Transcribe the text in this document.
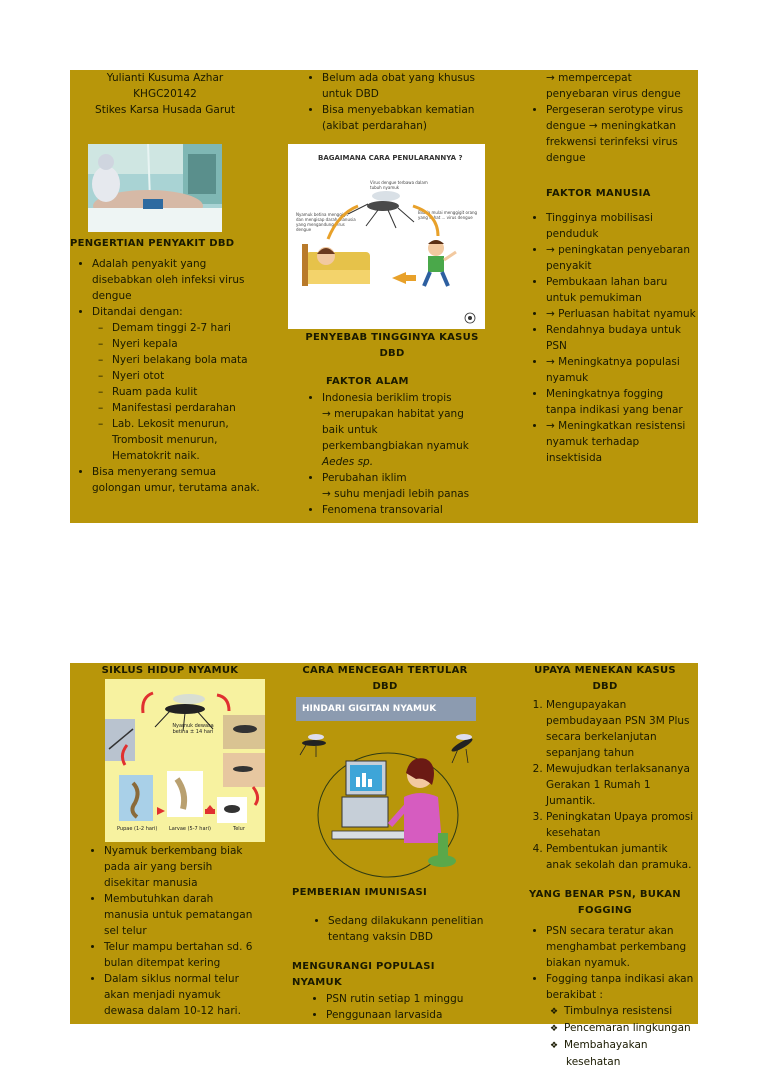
Yulianti Kusuma Azhar
KHGC20142
Stikes Karsa Husada Garut
PENGERTIAN PENYAKIT DBD
• Adalah penyakit yang disebabkan oleh infeksi virus dengue
• Ditandai dengan:
– Demam tinggi 2-7 hari
– Nyeri kepala
– Nyeri belakang bola mata
– Nyeri otot
– Ruam pada kulit
– Manifestasi perdarahan
– Lab. Lekosit menurun, Trombosit menurun, Hematokrit naik.
• Bisa menyerang semua golongan umur, terutama anak.
• Belum ada obat yang khusus untuk DBD
• Bisa menyebabkan kematian (akibat perdarahan)
BAGAIMANA CARA PENULARANNYA ?
Virus dengue terbawa dalam tubuh nyamuk
Nyamuk betina menggigit dan mengisap darah manusia yang mengandung virus dengue
Bila ia mulai menggigit orang yang sehat ... virus dengue
PENYEBAB TINGGINYA KASUS DBD
FAKTOR ALAM
• Indonesia beriklim tropis
→ merupakan habitat yang baik untuk perkembangbiakan nyamuk Aedes sp.
• Perubahan iklim
→ suhu menjadi lebih panas
• Fenomena transovarial
→ mempercepat penyebaran virus dengue
• Pergeseran serotype virus dengue → meningkatkan frekwensi terinfeksi virus dengue
FAKTOR MANUSIA
• Tingginya mobilisasi penduduk
• → peningkatan penyebaran penyakit
• Pembukaan lahan baru untuk pemukiman
• → Perluasan habitat nyamuk
• Rendahnya budaya untuk PSN
• → Meningkatnya populasi nyamuk
• Meningkatnya fogging tanpa indikasi yang benar
• → Meningkatkan resistensi nyamuk terhadap insektisida
SIKLUS HIDUP NYAMUK
Nyamuk dewasa betina ± 14 hari
Pupae (1-2 hari) Larvae (5-7 hari)	Telur
• Nyamuk berkembang biak pada air yang bersih disekitar manusia
• Membutuhkan darah manusia untuk pematangan sel telur
• Telur mampu bertahan sd. 6 bulan ditempat kering
• Dalam siklus normal telur akan menjadi nyamuk dewasa dalam 10-12 hari.
CARA MENCEGAH TERTULAR DBD
HINDARI GIGITAN NYAMUK
PEMBERIAN IMUNISASI
• Sedang dilakukann penelitian tentang vaksin DBD
MENGURANGI POPULASI NYAMUK
• PSN rutin setiap 1 minggu
• Penggunaan larvasida
UPAYA MENEKAN KASUS DBD
1. Mengupayakan pembudayaan PSN 3M Plus secara berkelanjutan sepanjang tahun
2. Mewujudkan terlaksananya Gerakan 1 Rumah 1 Jumantik.
3. Peningkatan Upaya promosi kesehatan
4. Pembentukan jumantik anak sekolah dan pramuka.
YANG BENAR PSN, BUKAN FOGGING
• PSN secara teratur akan menghambat perkembang biakan nyamuk.
• Fogging tanpa indikasi akan berakibat :
❖ Timbulnya resistensi
❖ Pencemaran lingkungan
❖ Membahayakan kesehatan
